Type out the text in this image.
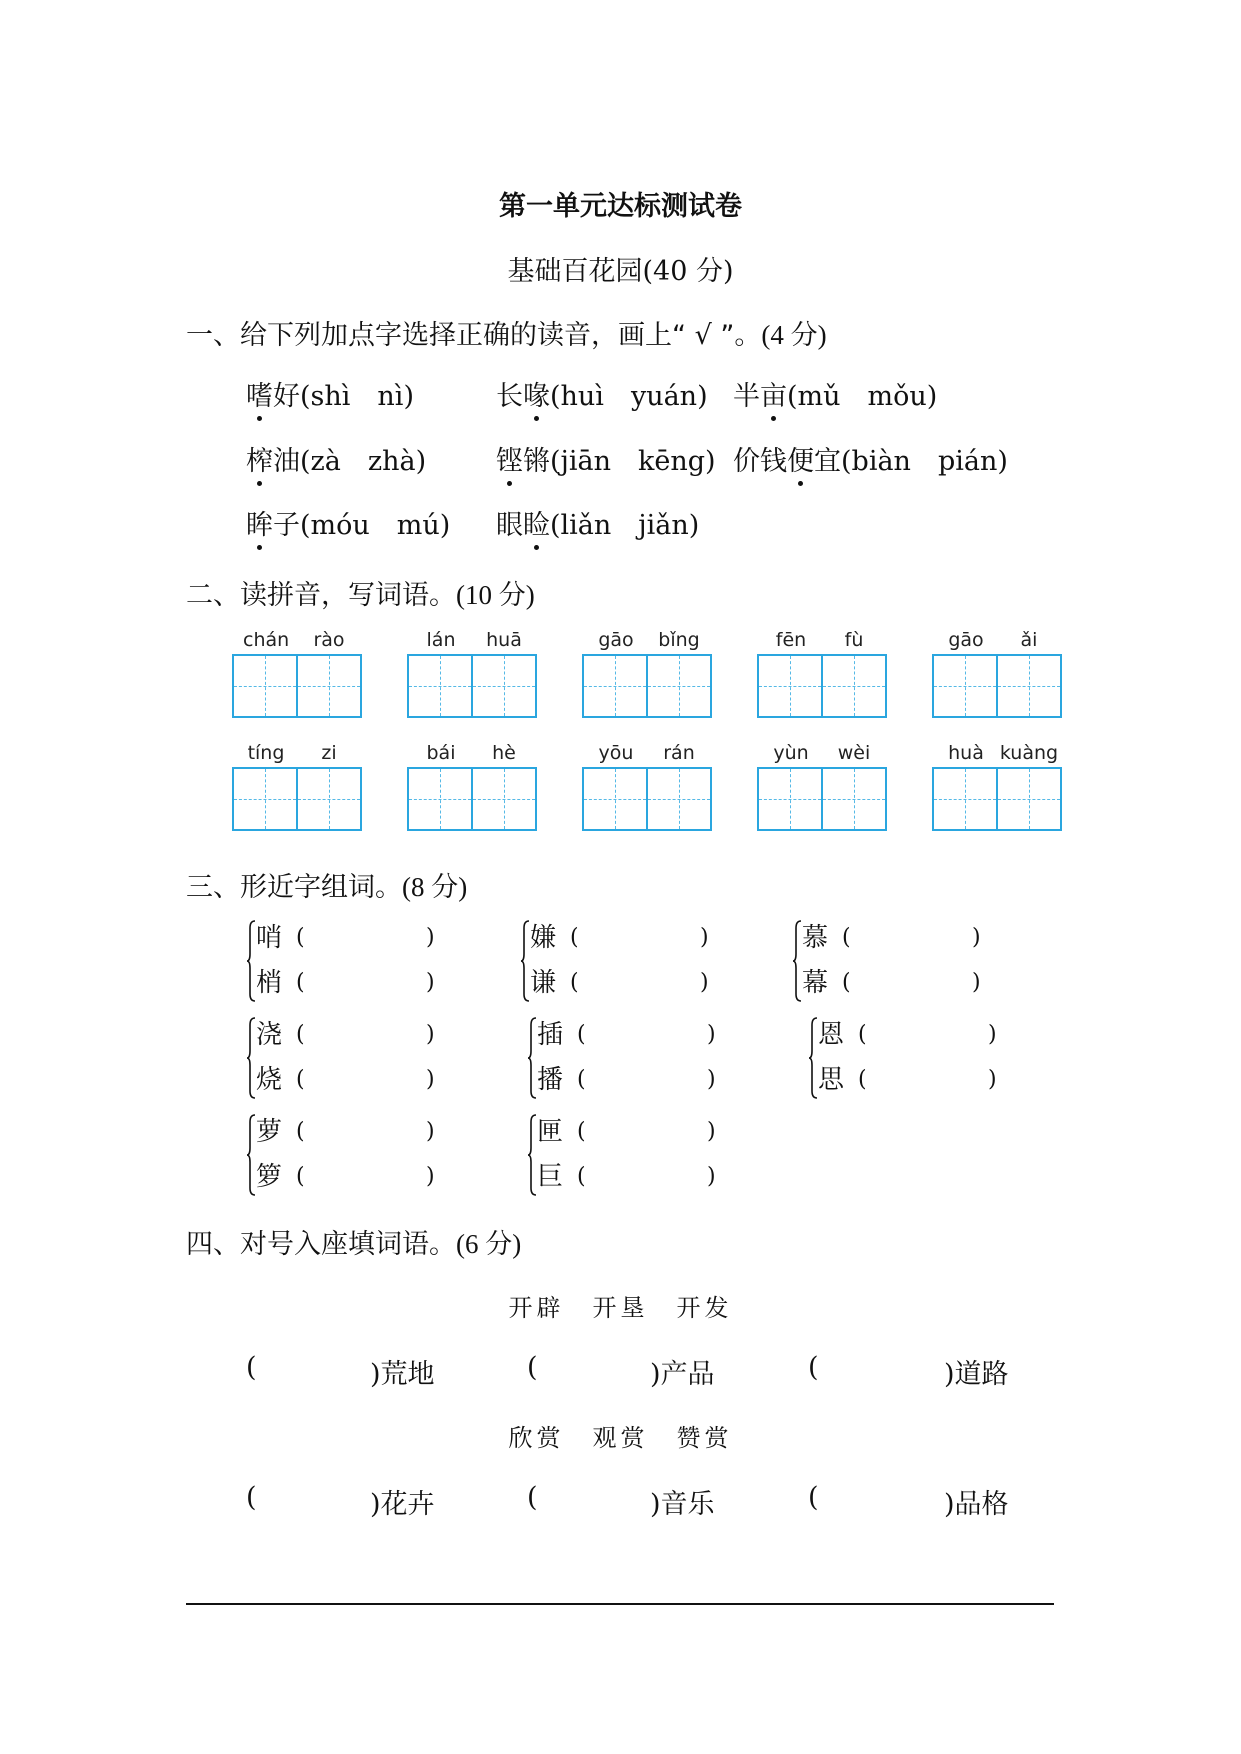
第一单元达标测试卷
基础百花园(40 分)
一、给下列加点字选择正确的读音，画上“ √ ”。(4 分)
嗜好(shì　nì)	长喙(huì　yuán) 半亩(mǔ　mǒu)
榨油(zà　zhà)	铿锵(jiān　kēng) 价钱便宜(biàn　pián)
眸子(móu　mú) 眼睑(liǎn　jiǎn)
二、读拼音，写词语。(10 分)
chán	rào	lán	huā	gāo	bǐng	fēn	fù	gāo	ǎi
tíng	zi	bái	hè	yōu	rán	yùn	wèi	huà kuàng
三、形近字组词。(8 分)
哨 (	)
梢 (	)
嫌 (	)
谦 (	)
慕 (	)
幕 (	)
浇 (	)
烧 (	)
插 (	)
播 (	)
恩 (	)
思 (	)
萝 (	)
箩 (	)
匣 (	)
巨 (	)
四、对号入座填词语。(6 分)
开辟　开垦　开发
(	)荒地	(	)产品	(	)道路
欣赏　观赏　赞赏
(	)花卉	(	)音乐	(	)品格
